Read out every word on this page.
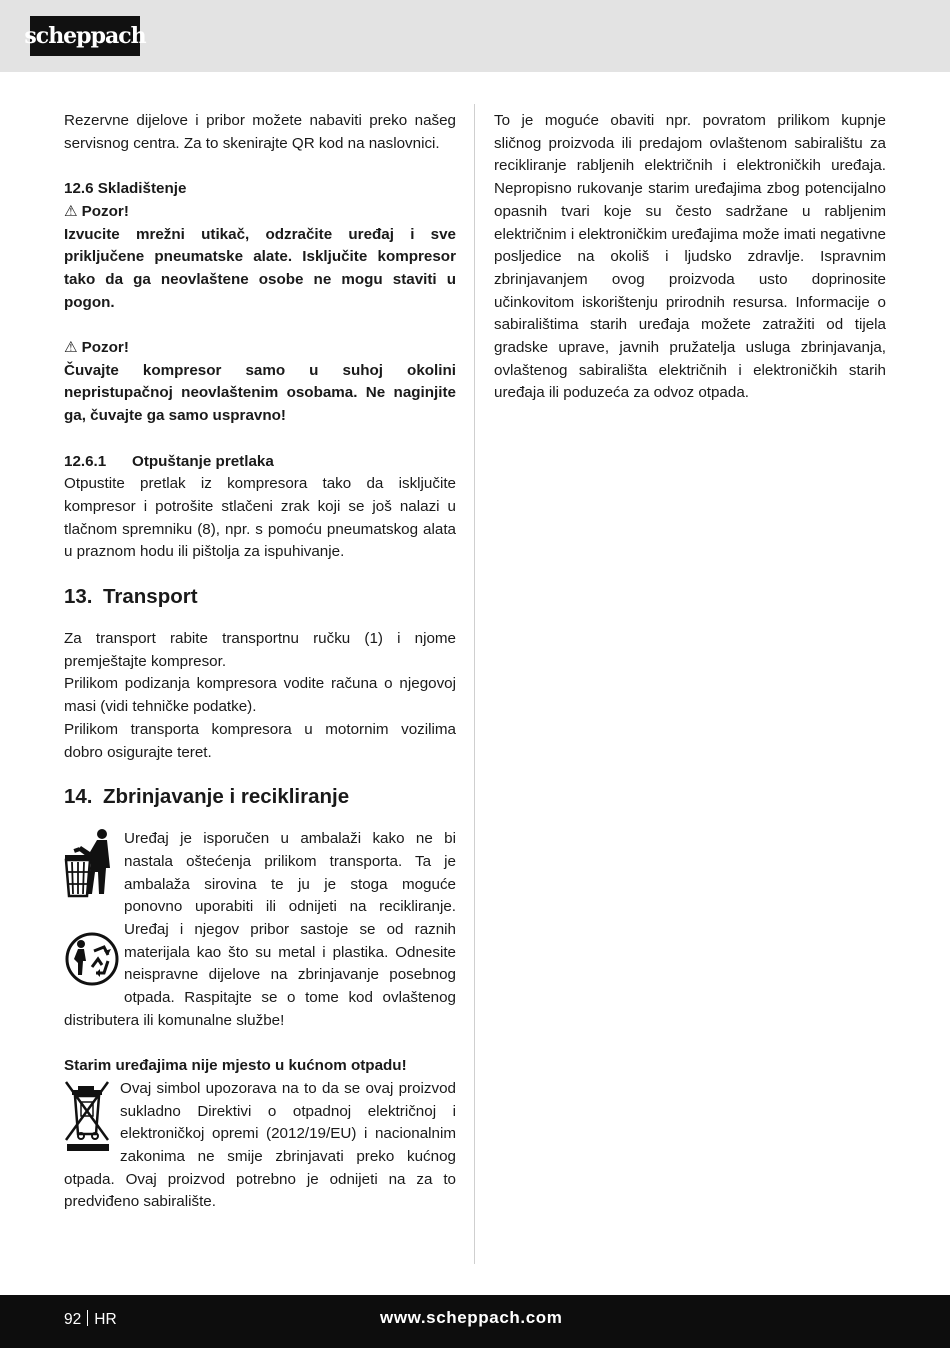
scheppach

Rezervne dijelove i pribor možete nabaviti preko našeg servisnog centra. Za to skenirajte QR kod na naslovnici.

12.6 Skladištenje

⚠ Pozor!

Izvucite mrežni utikač, odzračite uređaj i sve priključene pneumatske alate. Isključite kompresor tako da ga neovlaštene osobe ne mogu staviti u pogon.

⚠ Pozor!

Čuvajte kompresor samo u suhoj okolini nepristupačnoj neovlaštenim osobama. Ne naginjite ga, čuvajte ga samo uspravno!

12.6.1	Otpuštanje pretlaka

Otpustite pretlak iz kompresora tako da isključite kompresor i potrošite stlačeni zrak koji se još nalazi u tlačnom spremniku (8), npr. s pomoću pneumatskog alata u praznom hodu ili pištolja za ispuhivanje.

13. Transport

Za transport rabite transportnu ručku (1) i njome premještajte kompresor.

Prilikom podizanja kompresora vodite računa o njegovoj masi (vidi tehničke podatke).

Prilikom transporta kompresora u motornim vozilima dobro osigurajte teret.

14. Zbrinjavanje i recikliranje

Uređaj je isporučen u ambalaži kako ne bi nastala oštećenja prilikom transporta. Ta je ambalaža sirovina te ju je stoga moguće ponovno uporabiti ili odnijeti na recikliranje. Uređaj i njegov pribor sastoje se od raznih materijala kao što su metal i plastika. Odnesite neispravne dijelove na zbrinjavanje posebnog otpada. Raspitajte se o tome kod ovlaštenog distributera ili komunalne službe!

Starim uređajima nije mjesto u kućnom otpadu!

Ovaj simbol upozorava na to da se ovaj proizvod sukladno Direktivi o otpadnoj električnoj i elektroničkoj opremi (2012/19/EU) i nacionalnim zakonima ne smije zbrinjavati preko kućnog otpada. Ovaj proizvod potrebno je odnijeti na za to predviđeno sabiralište.

To je moguće obaviti npr. povratom prilikom kupnje sličnog proizvoda ili predajom ovlaštenom sabiralištu za recikliranje rabljenih električnih i elektroničkih uređaja. Nepropisno rukovanje starim uređajima zbog potencijalno opasnih tvari koje su često sadržane u rabljenim električnim i elektroničkim uređajima može imati negativne posljedice na okoliš i ljudsko zdravlje. Ispravnim zbrinjavanjem ovog proizvoda usto doprinosite učinkovitom iskorištenju prirodnih resursa. Informacije o sabiralištima starih uređaja možete zatražiti od tijela gradske uprave, javnih pružatelja usluga zbrinjavanja, ovlaštenog sabirališta električnih i elektroničkih starih uređaja ili poduzeća za odvoz otpada.

92 HR	www.scheppach.com
